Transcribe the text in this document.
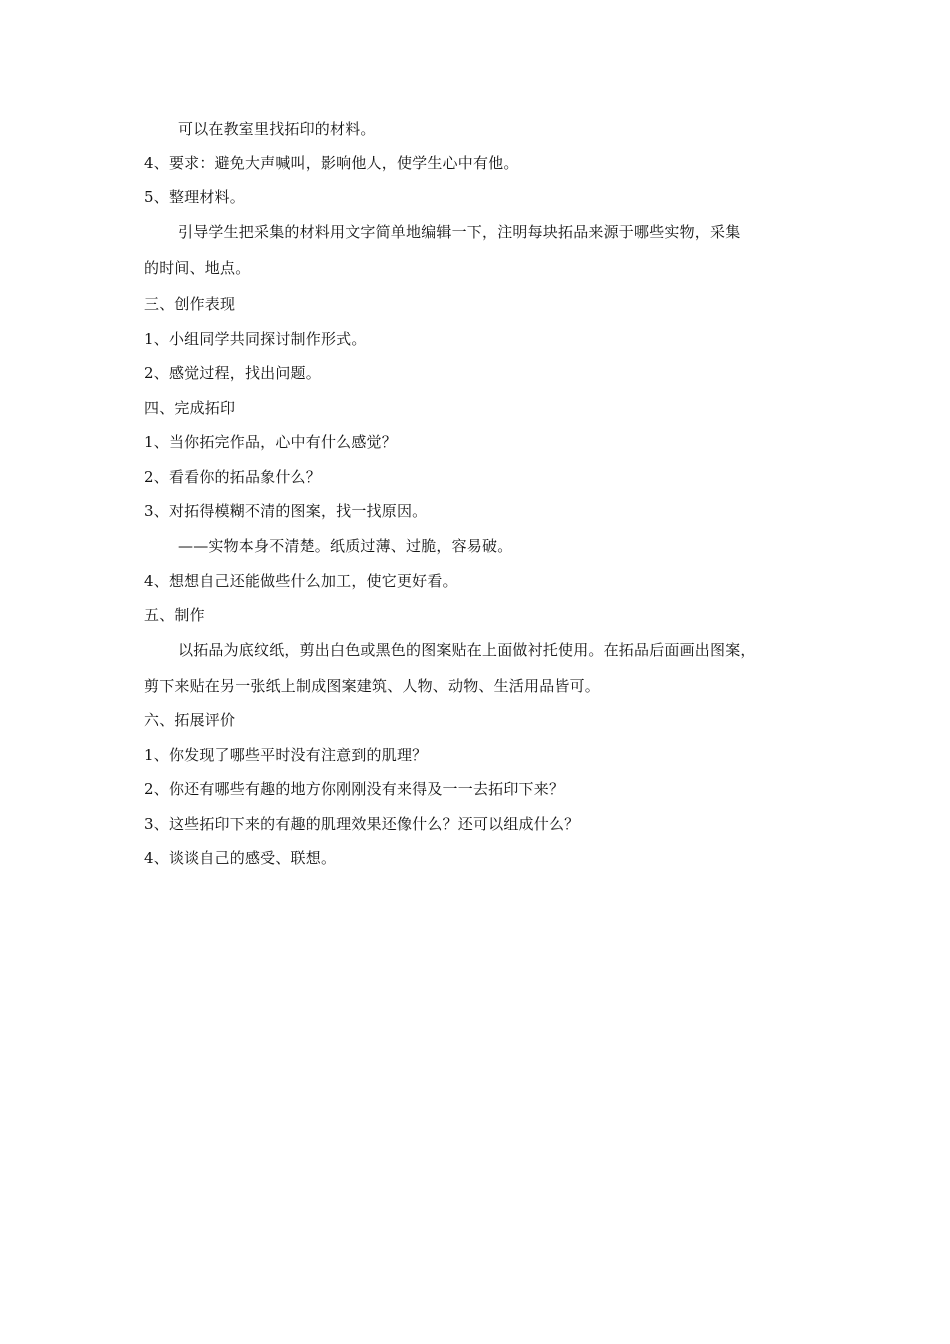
可以在教室里找拓印的材料。
4、要求：避免大声喊叫，影响他人，使学生心中有他。
5、整理材料。
引导学生把采集的材料用文字简单地编辑一下，注明每块拓品来源于哪些实物，采集
的时间、地点。
三、创作表现
1、小组同学共同探讨制作形式。
2、感觉过程，找出问题。
四、完成拓印
1、当你拓完作品，心中有什么感觉？
2、看看你的拓品象什么？
3、对拓得模糊不清的图案，找一找原因。
——实物本身不清楚。纸质过薄、过脆，容易破。
4、想想自己还能做些什么加工，使它更好看。
五、制作
以拓品为底纹纸，剪出白色或黑色的图案贴在上面做衬托使用。在拓品后面画出图案，
剪下来贴在另一张纸上制成图案建筑、人物、动物、生活用品皆可。
六、拓展评价
1、你发现了哪些平时没有注意到的肌理？
2、你还有哪些有趣的地方你刚刚没有来得及一一去拓印下来？
3、这些拓印下来的有趣的肌理效果还像什么？还可以组成什么？
4、谈谈自己的感受、联想。
